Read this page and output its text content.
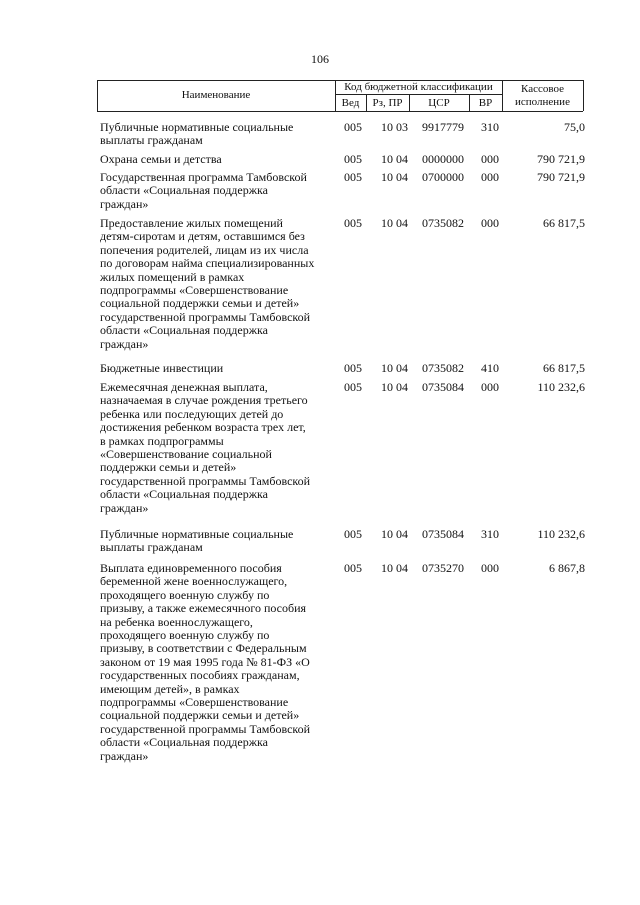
106
Наименование
Код бюджетной классификации
Вед	Рз, ПР	ЦСР	ВР
Кассовое
исполнение
Публичные нормативные социальные
выплаты гражданам
005	10 03	9917779	310	75,0
Охрана семьи и детства	005	10 04	0000000	000	790 721,9
Государственная программа Тамбовской
области «Социальная поддержка
граждан»
005	10 04	0700000	000	790 721,9
Предоставление жилых помещений
детям-сиротам и детям, оставшимся без
попечения родителей, лицам из их числа
по договорам найма специализированных
жилых помещений в рамках
подпрограммы «Совершенствование
социальной поддержки семьи и детей»
государственной программы Тамбовской
области «Социальная поддержка
граждан»
005	10 04	0735082	000	66 817,5
Бюджетные инвестиции	005	10 04	0735082	410	66 817,5
Ежемесячная денежная выплата,
назначаемая в случае рождения третьего
ребенка или последующих детей до
достижения ребенком возраста трех лет,
в рамках подпрограммы
«Совершенствование социальной
поддержки семьи и детей»
государственной программы Тамбовской
области «Социальная поддержка
граждан»
005	10 04	0735084	000	110 232,6
Публичные нормативные социальные
выплаты гражданам
005	10 04	0735084	310	110 232,6
Выплата единовременного пособия
беременной жене военнослужащего,
проходящего военную службу по
призыву, а также ежемесячного пособия
на ребенка военнослужащего,
проходящего военную службу по
призыву, в соответствии с Федеральным
законом от 19 мая 1995 года № 81-ФЗ «О
государственных пособиях гражданам,
имеющим детей», в рамках
подпрограммы «Совершенствование
социальной поддержки семьи и детей»
государственной программы Тамбовской
области «Социальная поддержка
граждан»
005	10 04	0735270	000	6 867,8
